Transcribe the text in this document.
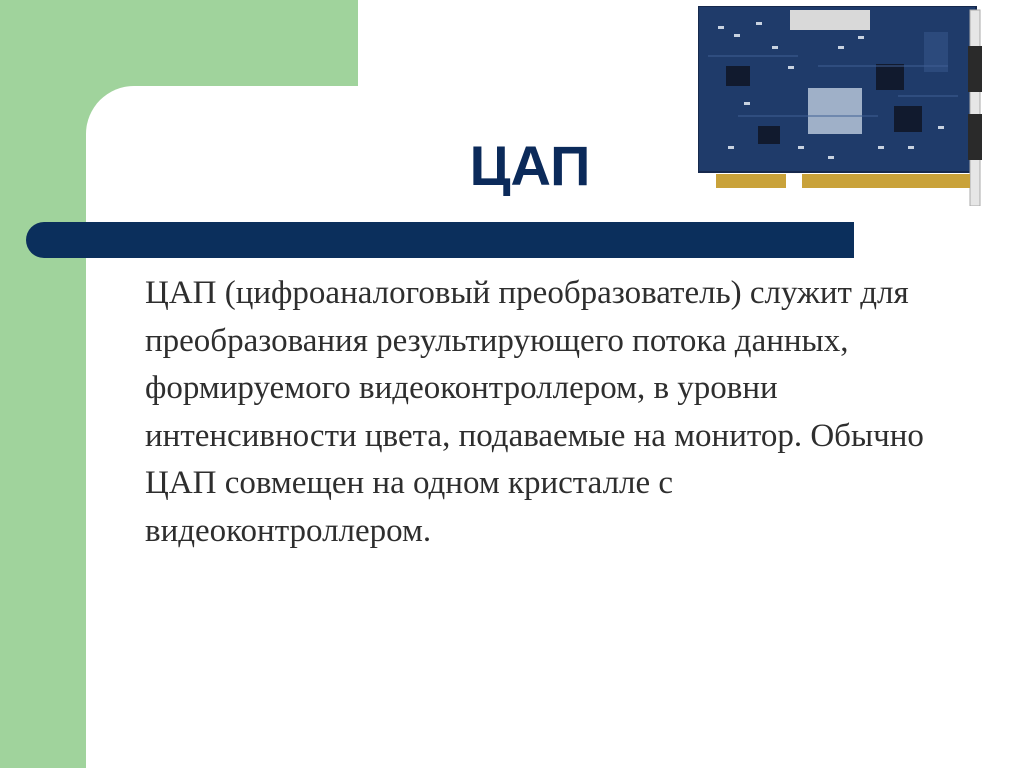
ЦАП

ЦАП (цифроаналоговый преобразователь) служит для преобразования результирующего потока данных, формируемого видеоконтроллером, в уровни интенсивности цвета, подаваемые на монитор. Обычно ЦАП совмещен на одном кристалле с видеоконтроллером.
